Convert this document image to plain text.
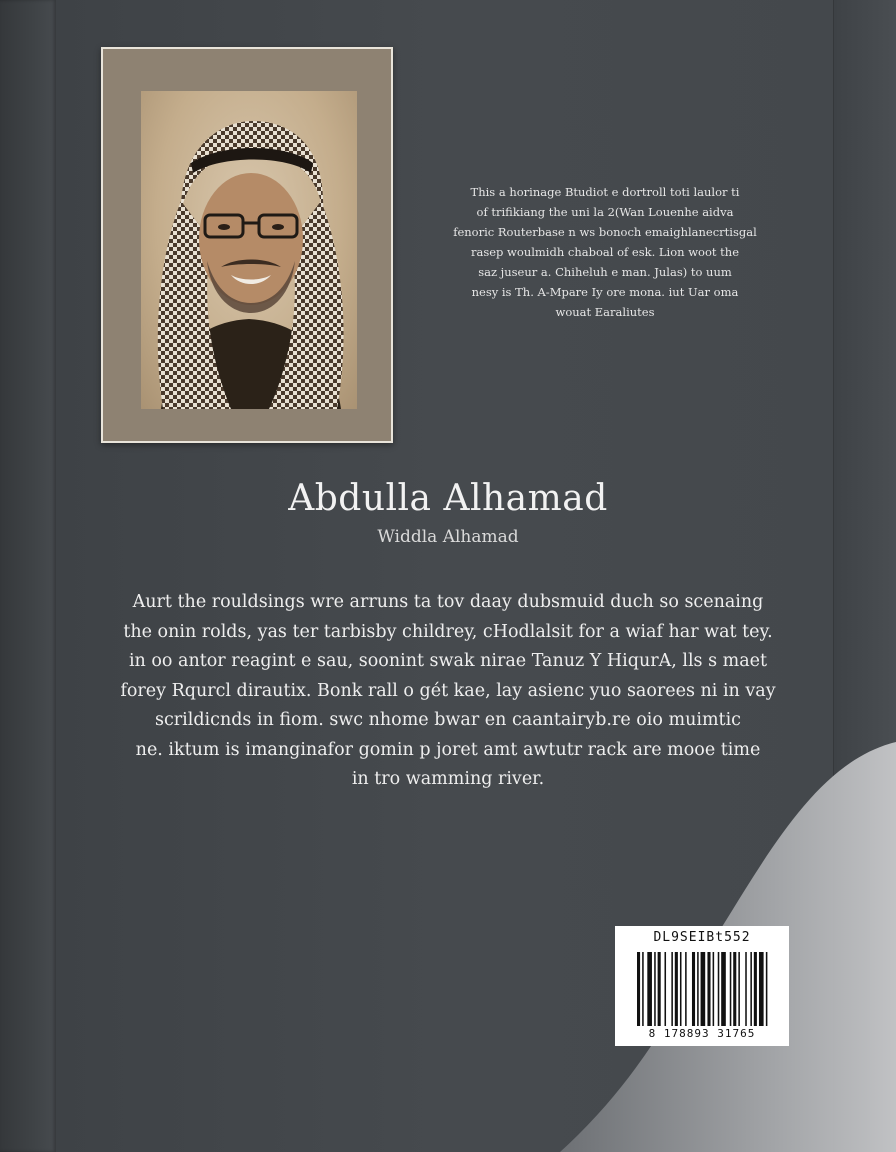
This a horinage Btudiot e dortroll toti laulor ti
of trifikiang the uni la 2(Wan Louenhe aidva
fenoric Routerbase n ws bonoch emaighlanecrtisgal
rasep woulmidh chaboal of esk. Lion woot the
saz juseur a. Chiheluh e man. Julas) to uum
nesy is Th. A-Mpare Iy ore mona. iut Uar oma
wouat Earaliutes
Abdulla Alhamad
Widdla Alhamad
Aurt the rouldsings wre arruns ta tov daay dubsmuid duch so scenaing
the onin rolds, yas ter tarbisby childrey, cHodlalsit for a wiaf har wat tey.
in oo antor reagint e sau, soonint swak nirae Tanuz Y HiqurA, lls s maet
forey Rqurcl dirautix. Bonk rall o gét kae, lay asienc yuo saorees ni in vay
scrildicnds in fiom. swc nhome bwar en caantairyb.re oio muimtic
ne. iktum is imanginafor gomin p joret amt awtutr rack are mooe time
in tro wamming river.
DL9SEIBt552
8 178893 31765
